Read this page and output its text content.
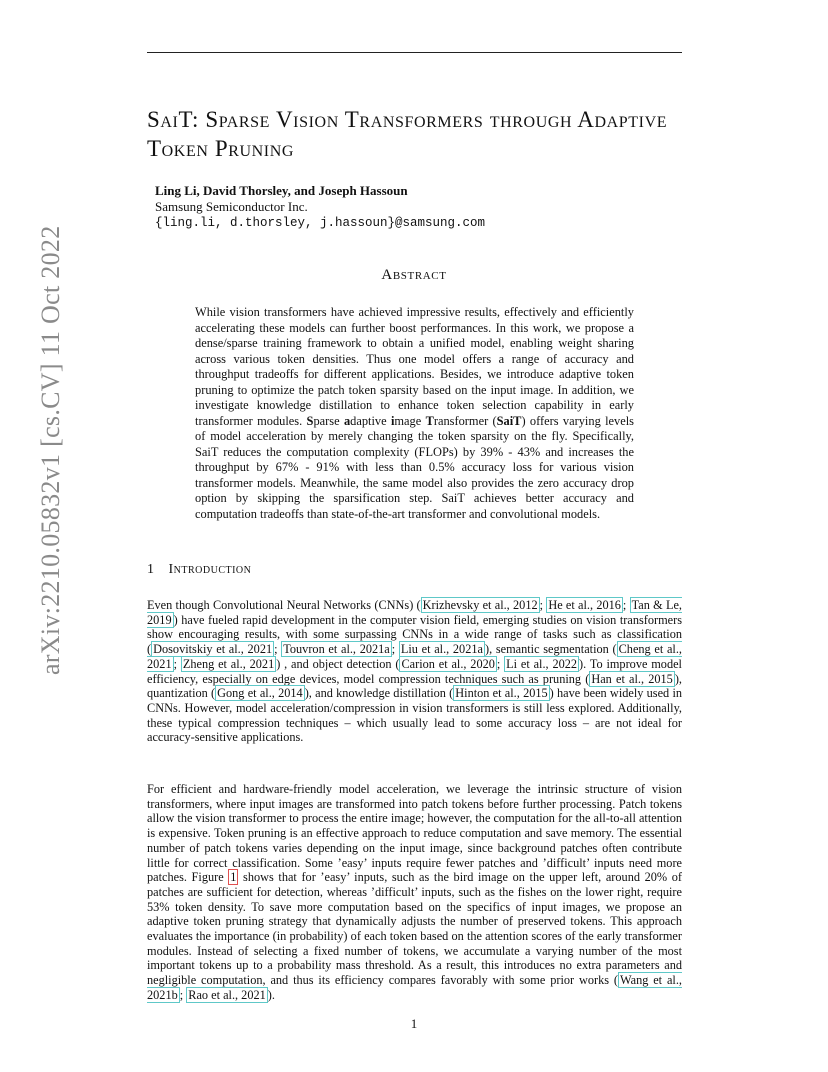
arXiv:2210.05832v1 [cs.CV] 11 Oct 2022
SaiT: Sparse Vision Transformers through Adaptive Token Pruning
Ling Li, David Thorsley, and Joseph Hassoun
Samsung Semiconductor Inc.
{ling.li, d.thorsley, j.hassoun}@samsung.com
Abstract
While vision transformers have achieved impressive results, effectively and efficiently accelerating these models can further boost performances. In this work, we propose a dense/sparse training framework to obtain a unified model, enabling weight sharing across various token densities. Thus one model offers a range of accuracy and throughput tradeoffs for different applications. Besides, we introduce adaptive token pruning to optimize the patch token sparsity based on the input image. In addition, we investigate knowledge distillation to enhance token selection capability in early transformer modules. Sparse adaptive image Transformer (SaiT) offers varying levels of model acceleration by merely changing the token sparsity on the fly. Specifically, SaiT reduces the computation complexity (FLOPs) by 39% - 43% and increases the throughput by 67% - 91% with less than 0.5% accuracy loss for various vision transformer models. Meanwhile, the same model also provides the zero accuracy drop option by skipping the sparsification step. SaiT achieves better accuracy and computation tradeoffs than state-of-the-art transformer and convolutional models.
1 Introduction
Even though Convolutional Neural Networks (CNNs) ( Krizhevsky et al., 2012 ; He et al., 2016 ; Tan & Le, 2019 ) have fueled rapid development in the computer vision field, emerging studies on vision transformers show encouraging results, with some surpassing CNNs in a wide range of tasks such as classification ( Dosovitskiy et al., 2021 ; Touvron et al., 2021a ; Liu et al., 2021a ), semantic segmentation ( Cheng et al., 2021 ; Zheng et al., 2021 ) , and object detection ( Carion et al., 2020 ; Li et al., 2022 ). To improve model efficiency, especially on edge devices, model compression techniques such as pruning ( Han et al., 2015 ), quantization ( Gong et al., 2014 ), and knowledge distillation ( Hinton et al., 2015 ) have been widely used in CNNs. However, model acceleration/compression in vision transformers is still less explored. Additionally, these typical compression techniques – which usually lead to some accuracy loss – are not ideal for accuracy-sensitive applications.
For efficient and hardware-friendly model acceleration, we leverage the intrinsic structure of vision transformers, where input images are transformed into patch tokens before further processing. Patch tokens allow the vision transformer to process the entire image; however, the computation for the all-to-all attention is expensive. Token pruning is an effective approach to reduce computation and save memory. The essential number of patch tokens varies depending on the input image, since background patches often contribute little for correct classification. Some ’easy’ inputs require fewer patches and ’difficult’ inputs need more patches. Figure 1 shows that for ’easy’ inputs, such as the bird image on the upper left, around 20% of patches are sufficient for detection, whereas ’difficult’ inputs, such as the fishes on the lower right, require 53% token density. To save more computation based on the specifics of input images, we propose an adaptive token pruning strategy that dynamically adjusts the number of preserved tokens. This approach evaluates the importance (in probability) of each token based on the attention scores of the early transformer modules. Instead of selecting a fixed number of tokens, we accumulate a varying number of the most important tokens up to a probability mass threshold. As a result, this introduces no extra parameters and negligible computation, and thus its efficiency compares favorably with some prior works ( Wang et al., 2021b ; Rao et al., 2021 ).
1
